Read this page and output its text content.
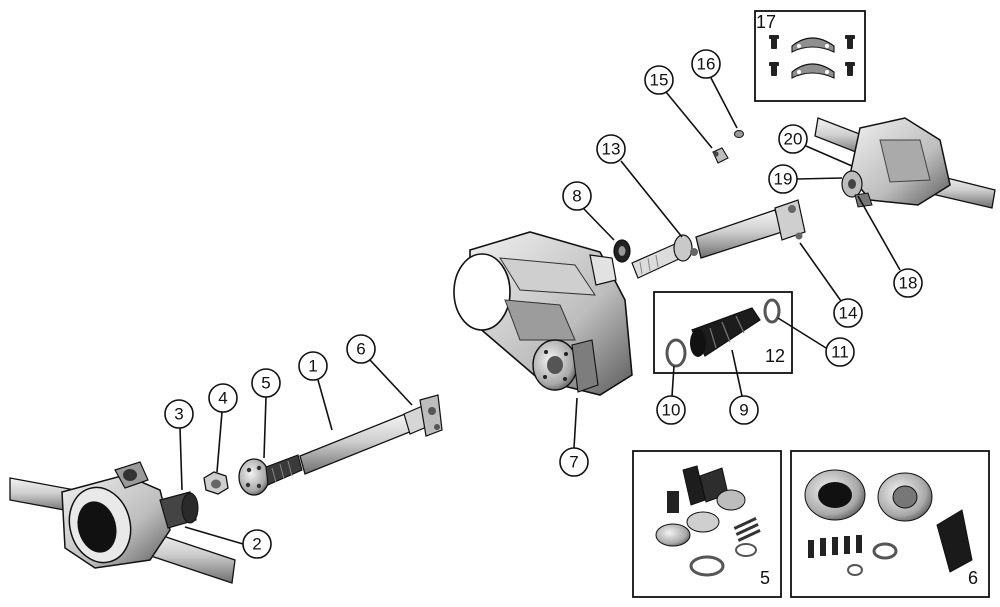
17
5	6
1
2
3
4
5
6
7
8
9
10
11
12
13
14
15
16
18
19
20
